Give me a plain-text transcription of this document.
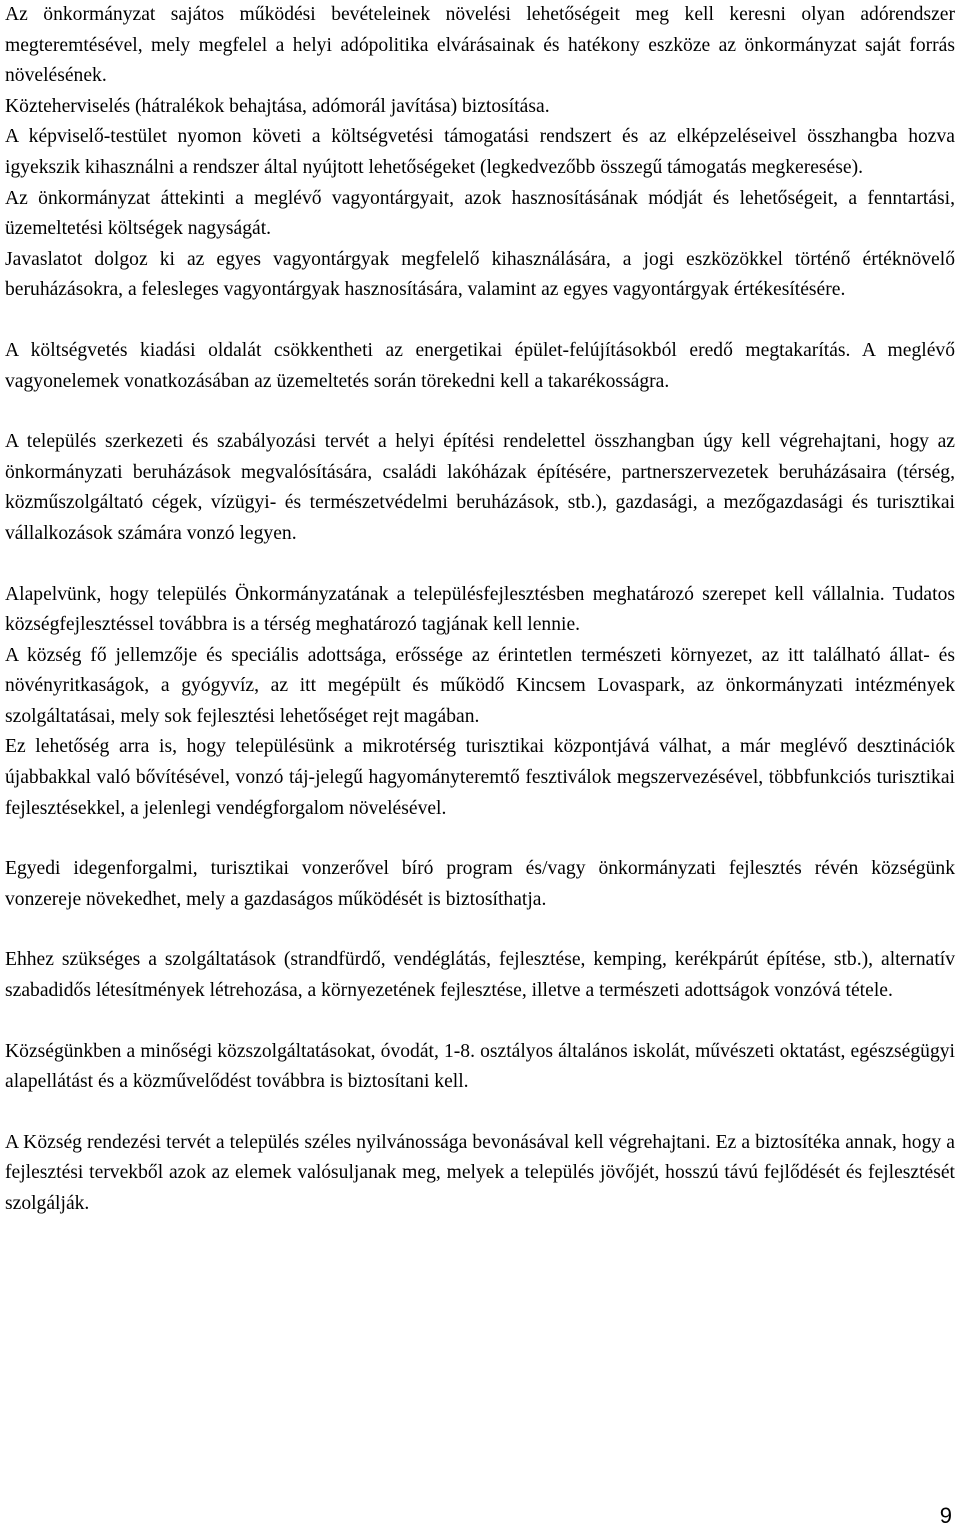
Az önkormányzat sajátos működési bevételeinek növelési lehetőségeit meg kell keresni olyan adórendszer megteremtésével, mely megfelel a helyi adópolitika elvárásainak és hatékony eszköze az önkormányzat saját forrás növelésének.

Közteherviselés (hátralékok behajtása, adómorál javítása) biztosítása.

A képviselő-testület nyomon követi a költségvetési támogatási rendszert és az elképzeléseivel összhangba hozva igyekszik kihasználni a rendszer által nyújtott lehetőségeket (legkedvezőbb összegű támogatás megkeresése).

Az önkormányzat áttekinti a meglévő vagyontárgyait, azok hasznosításának módját és lehetőségeit, a fenntartási, üzemeltetési költségek nagyságát.

Javaslatot dolgoz ki az egyes vagyontárgyak megfelelő kihasználására, a jogi eszközökkel történő értéknövelő beruházásokra, a felesleges vagyontárgyak hasznosítására, valamint az egyes vagyontárgyak értékesítésére.

A költségvetés kiadási oldalát csökkentheti az energetikai épület-felújításokból eredő megtakarítás. A meglévő vagyonelemek vonatkozásában az üzemeltetés során törekedni kell a takarékosságra.

A település szerkezeti és szabályozási tervét a helyi építési rendelettel összhangban úgy kell végrehajtani, hogy az önkormányzati beruházások megvalósítására, családi lakóházak építésére, partnerszervezetek beruházásaira (térség, közműszolgáltató cégek, vízügyi- és természetvédelmi beruházások, stb.), gazdasági, a mezőgazdasági és turisztikai vállalkozások számára vonzó legyen.

Alapelvünk, hogy település Önkormányzatának a településfejlesztésben meghatározó szerepet kell vállalnia. Tudatos községfejlesztéssel továbbra is a térség meghatározó tagjának kell lennie.

A község fő jellemzője és speciális adottsága, erőssége az érintetlen természeti környezet, az itt található állat- és növényritkaságok, a gyógyvíz, az itt megépült és működő Kincsem Lovaspark, az önkormányzati intézmények szolgáltatásai, mely sok fejlesztési lehetőséget rejt magában.

Ez lehetőség arra is, hogy településünk a mikrotérség turisztikai központjává válhat, a már meglévő desztinációk újabbakkal való bővítésével, vonzó táj-jelegű hagyományteremtő fesztiválok megszervezésével, többfunkciós turisztikai fejlesztésekkel, a jelenlegi vendégforgalom növelésével.

Egyedi idegenforgalmi, turisztikai vonzerővel bíró program és/vagy önkormányzati fejlesztés révén községünk vonzereje növekedhet, mely a gazdaságos működését is biztosíthatja.

Ehhez szükséges a szolgáltatások (strandfürdő, vendéglátás, fejlesztése, kemping, kerékpárút építése, stb.), alternatív szabadidős létesítmények létrehozása, a környezetének fejlesztése, illetve a természeti adottságok vonzóvá tétele.

Községünkben a minőségi közszolgáltatásokat, óvodát, 1-8. osztályos általános iskolát, művészeti oktatást, egészségügyi alapellátást és a közművelődést továbbra is biztosítani kell.

A Község rendezési tervét a település széles nyilvánossága bevonásával kell végrehajtani. Ez a biztosítéka annak, hogy a fejlesztési tervekből azok az elemek valósuljanak meg, melyek a település jövőjét, hosszú távú fejlődését és fejlesztését szolgálják.

9
